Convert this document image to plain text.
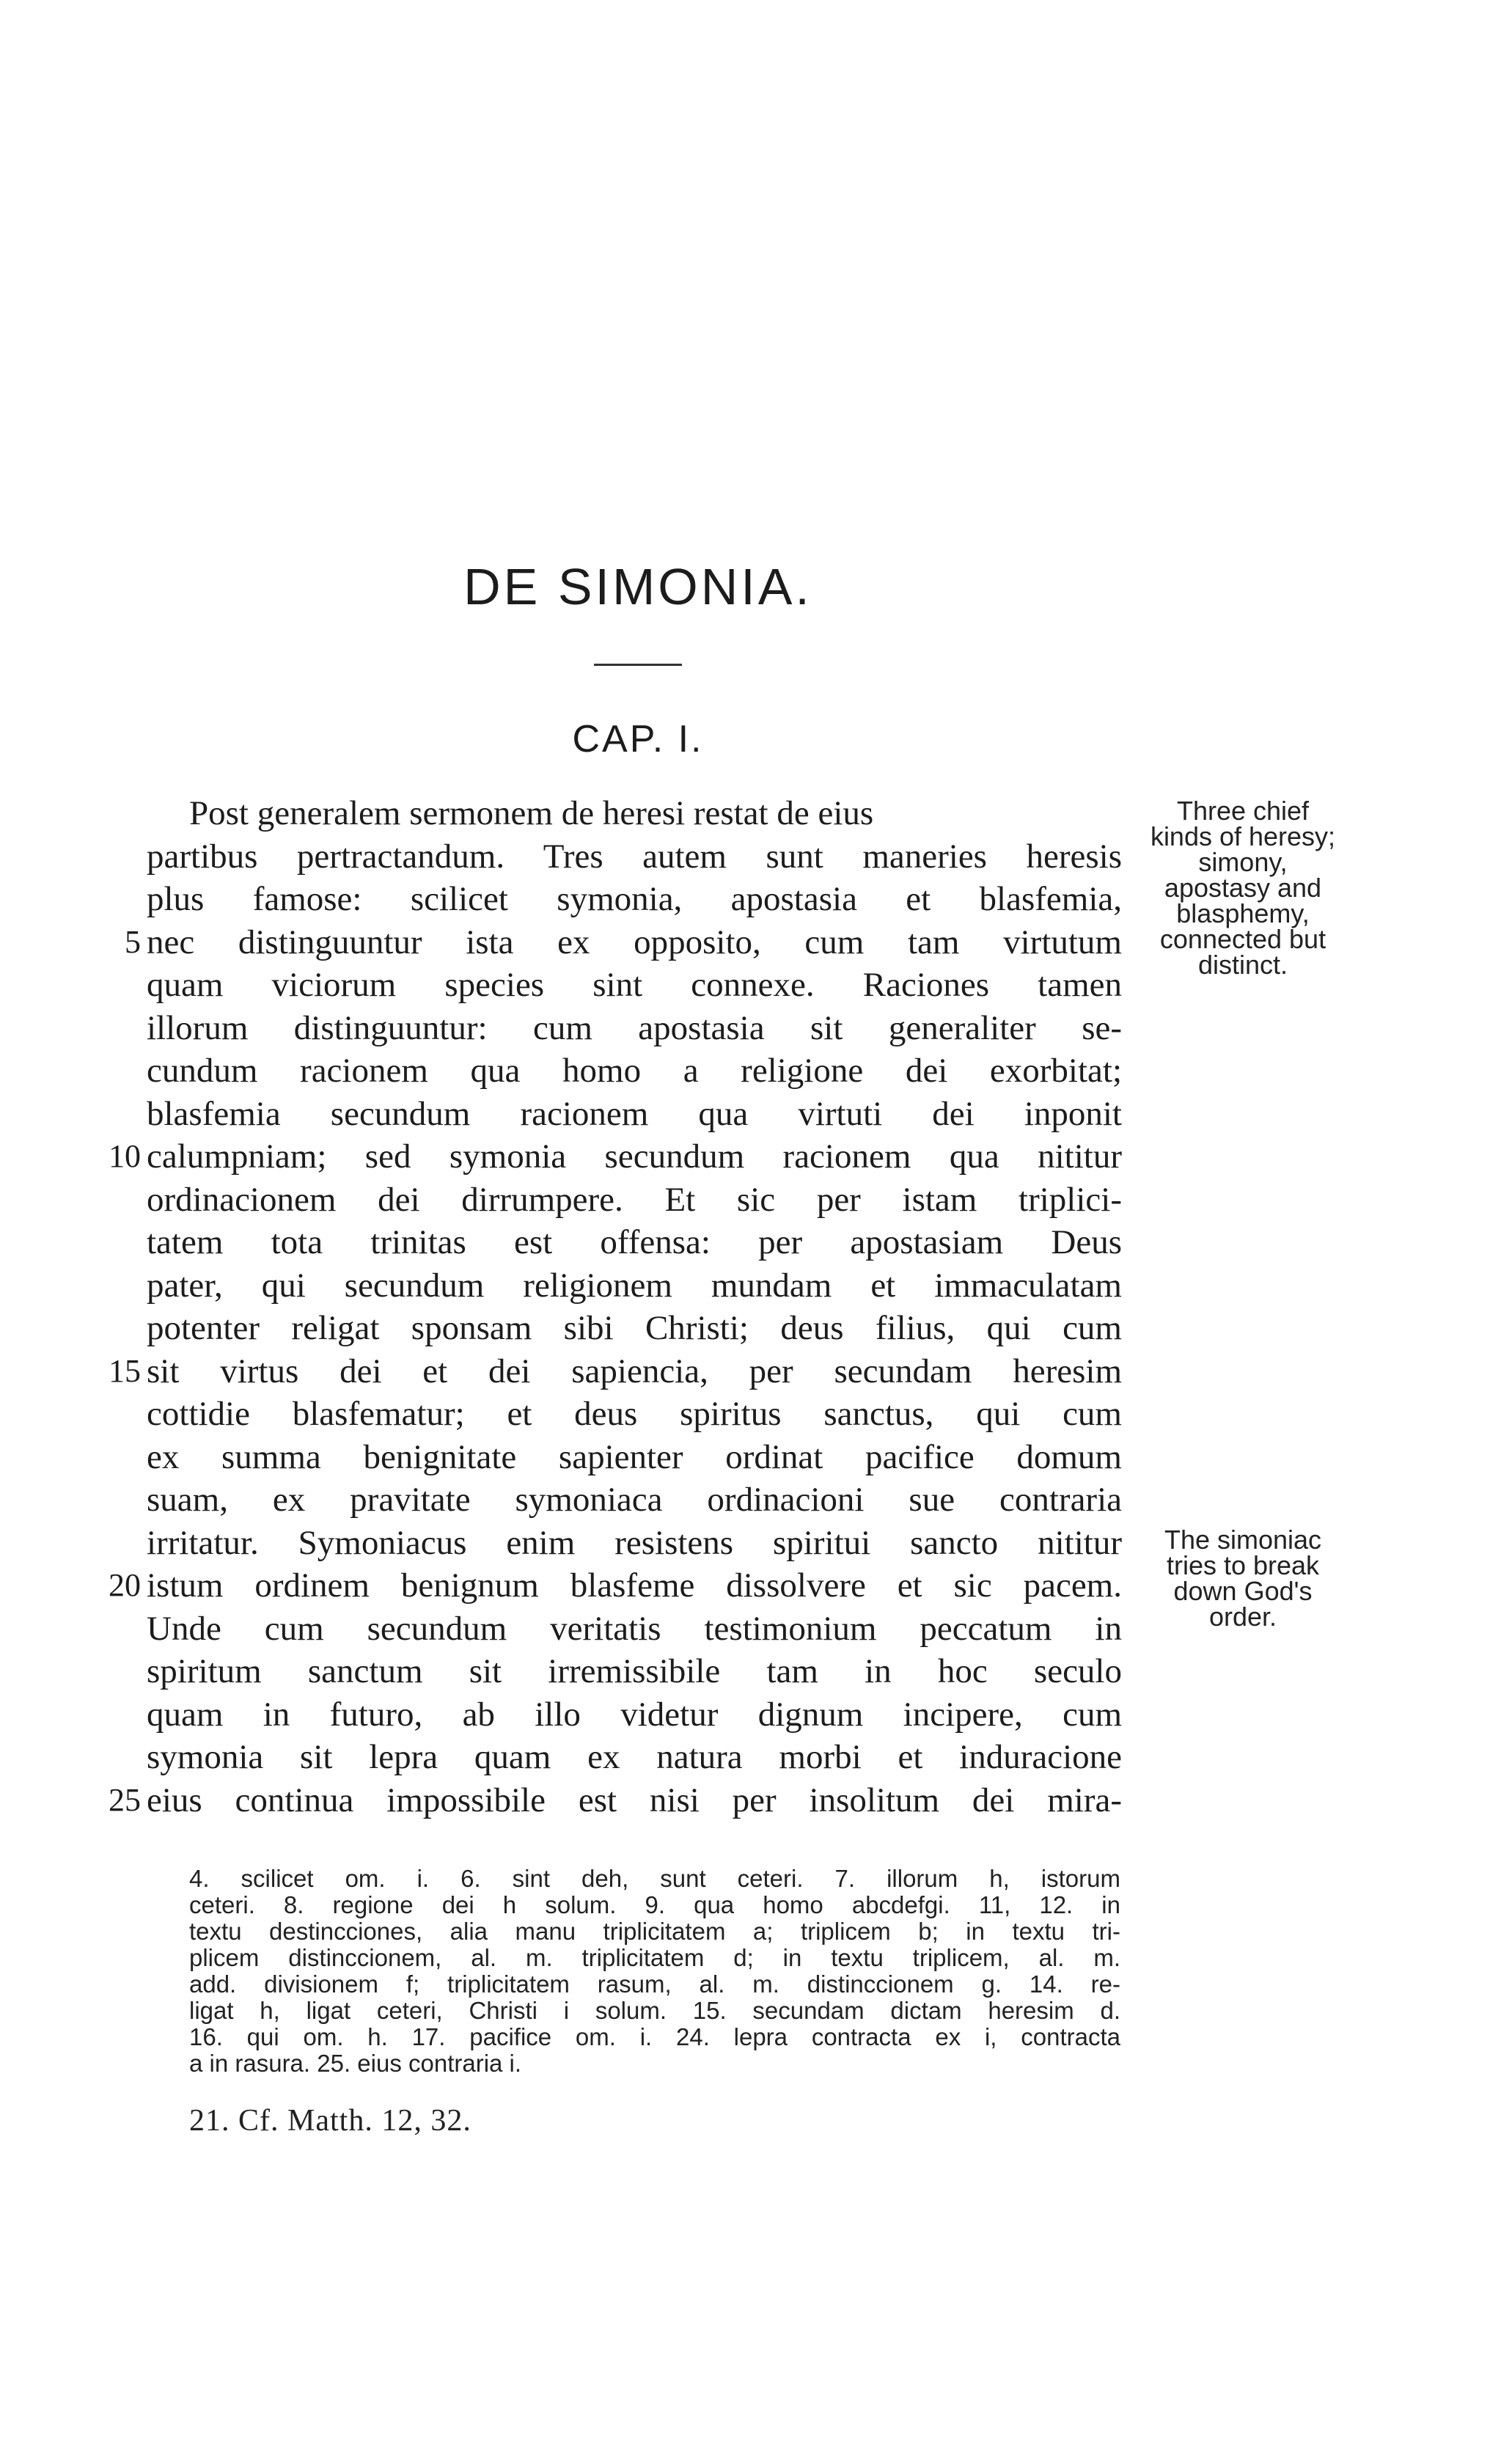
DE SIMONIA.
CAP. I.
Post generalem sermonem de heresi restat de eius
partibus pertractandum. Tres autem sunt maneries heresis
plus famose: scilicet symonia, apostasia et blasfemia,
5 nec distinguuntur ista ex opposito, cum tam virtutum
quam viciorum species sint connexe. Raciones tamen
illorum distinguuntur: cum apostasia sit generaliter se-
cundum racionem qua homo a religione dei exorbitat;
blasfemia secundum racionem qua virtuti dei inponit
10 calumpniam; sed symonia secundum racionem qua nititur
ordinacionem dei dirrumpere. Et sic per istam triplici-
tatem tota trinitas est offensa: per apostasiam Deus
pater, qui secundum religionem mundam et immaculatam
potenter religat sponsam sibi Christi; deus filius, qui cum
15 sit virtus dei et dei sapiencia, per secundam heresim
cottidie blasfematur; et deus spiritus sanctus, qui cum
ex summa benignitate sapienter ordinat pacifice domum
suam, ex pravitate symoniaca ordinacioni sue contraria
irritatur. Symoniacus enim resistens spiritui sancto nititur
20 istum ordinem benignum blasfeme dissolvere et sic pacem.
Unde cum secundum veritatis testimonium peccatum in
spiritum sanctum sit irremissibile tam in hoc seculo
quam in futuro, ab illo videtur dignum incipere, cum
symonia sit lepra quam ex natura morbi et induracione
25 eius continua impossibile est nisi per insolitum dei mira-
Three chief
kinds of heresy;
simony,
apostasy and
blasphemy,
connected but
distinct.
The simoniac
tries to break
down God's
order.
4. scilicet om. i. 6. sint deh, sunt ceteri. 7. illorum h, istorum
ceteri. 8. regione dei h solum. 9. qua homo abcdefgi. 11, 12. in
textu destincciones, alia manu triplicitatem a; triplicem b; in textu tri-
plicem distinccionem, al. m. triplicitatem d; in textu triplicem, al. m.
add. divisionem f; triplicitatem rasum, al. m. distinccionem g. 14. re-
ligat h, ligat ceteri, Christi i solum. 15. secundam dictam heresim d.
16. qui om. h. 17. pacifice om. i. 24. lepra contracta ex i, contracta
a in rasura. 25. eius contraria i.
21. Cf. Matth. 12, 32.
